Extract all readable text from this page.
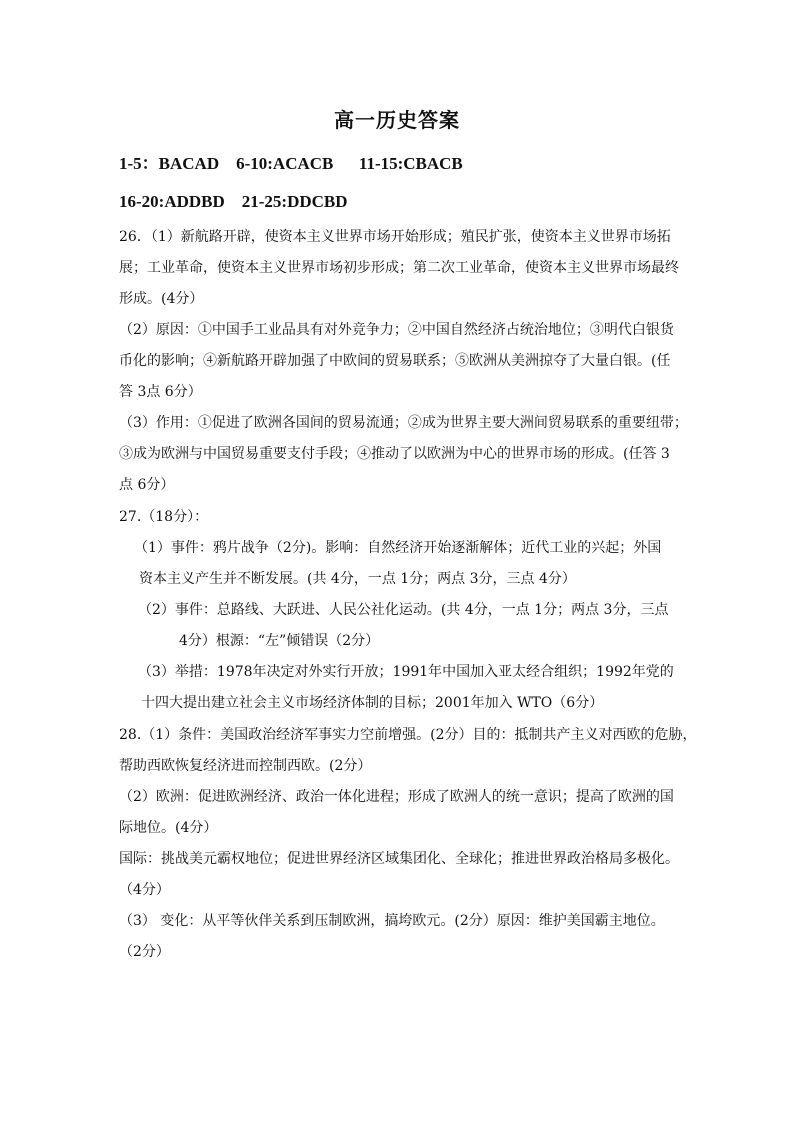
高一历史答案
1-5：BACAD    6-10:ACACB      11-15:CBACB
16-20:ADDBD    21-25:DDCBD

26．（1）新航路开辟，使资本主义世界市场开始形成；殖民扩张，使资本主义世界市场拓

展；工业革命，使资本主义世界市场初步形成；第二次工业革命，使资本主义世界市场最终

形成。(4分）

（2）原因：①中国手工业品具有对外竞争力；②中国自然经济占统治地位；③明代白银货

币化的影响；④新航路开辟加强了中欧间的贸易联系；⑤欧洲从美洲掠夺了大量白银。(任

答 3点 6分）

（3）作用：①促进了欧洲各国间的贸易流通；②成为世界主要大洲间贸易联系的重要纽带；

③成为欧洲与中国贸易重要支付手段；④推动了以欧洲为中心的世界市场的形成。(任答 3

点 6分）

27.（18分）：

（1）事件：鸦片战争（2分)。影响：自然经济开始逐渐解体；近代工业的兴起；外国

资本主义产生并不断发展。(共 4分，一点 1分；两点 3分，三点 4分）

（2）事件：总路线、大跃进、人民公社化运动。(共 4分，一点 1分；两点 3分，三点

4分）根源：“左”倾错误（2分）

（3）举措：1978年决定对外实行开放；1991年中国加入亚太经合组织；1992年党的

十四大提出建立社会主义市场经济体制的目标；2001年加入 WTO（6分）

28.（1）条件：美国政治经济军事实力空前增强。(2分）目的：抵制共产主义对西欧的危胁，

帮助西欧恢复经济进而控制西欧。(2分）

（2）欧洲：促进欧洲经济、政治一体化进程；形成了欧洲人的统一意识；提高了欧洲的国

际地位。(4分）

国际：挑战美元霸权地位；促进世界经济区域集团化、全球化；推进世界政治格局多极化。

（4分）

（3） 变化：从平等伙伴关系到压制欧洲，搞垮欧元。(2分）原因：维护美国霸主地位。

（2分）
